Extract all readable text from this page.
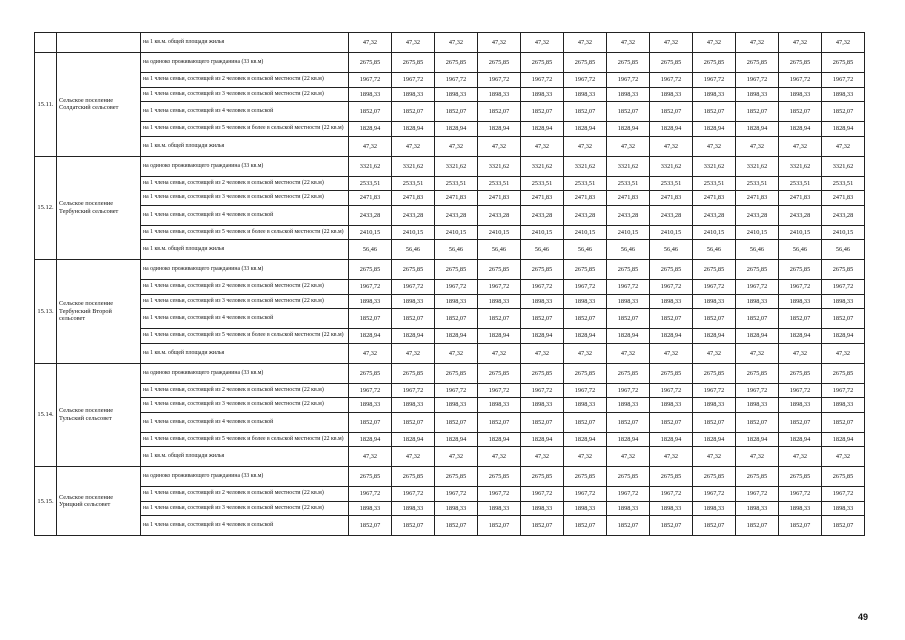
		на 1 кв.м. общей площади жилья	47,32	47,32	47,32	47,32	47,32	47,32	47,32	47,32	47,32	47,32	47,32	47,32
15.11.	Сельское поселение Солдатский сельсовет	на одиноко проживающего гражданина (33 кв.м)	2675,85	2675,85	2675,85	2675,85	2675,85	2675,85	2675,85	2675,85	2675,85	2675,85	2675,85	2675,85
		на 1 члена семьи, состоящей из 2 человек в сельской местности (22 кв.м)	1967,72	1967,72	1967,72	1967,72	1967,72	1967,72	1967,72	1967,72	1967,72	1967,72	1967,72	1967,72
		на 1 члена семьи, состоящей из 3 человек в сельской местности (22 кв.м)	1898,33	1898,33	1898,33	1898,33	1898,33	1898,33	1898,33	1898,33	1898,33	1898,33	1898,33	1898,33
		на 1 члена семьи, состоящей из 4 человек в сельской	1852,07	1852,07	1852,07	1852,07	1852,07	1852,07	1852,07	1852,07	1852,07	1852,07	1852,07	1852,07
		на 1 члена семьи, состоящей из 5 человек и более в сельской местности (22 кв.м)	1828,94	1828,94	1828,94	1828,94	1828,94	1828,94	1828,94	1828,94	1828,94	1828,94	1828,94	1828,94
		на 1 кв.м. общей площади жилья	47,32	47,32	47,32	47,32	47,32	47,32	47,32	47,32	47,32	47,32	47,32	47,32
15.12.	Сельское поселение Тербунский сельсовет	на одиноко проживающего гражданина (33 кв.м)	3321,62	3321,62	3321,62	3321,62	3321,62	3321,62	3321,62	3321,62	3321,62	3321,62	3321,62	3321,62
		на 1 члена семьи, состоящей из 2 человек в сельской местности (22 кв.м)	2533,51	2533,51	2533,51	2533,51	2533,51	2533,51	2533,51	2533,51	2533,51	2533,51	2533,51	2533,51
		на 1 члена семьи, состоящей из 3 человек в сельской местности (22 кв.м)	2471,83	2471,83	2471,83	2471,83	2471,83	2471,83	2471,83	2471,83	2471,83	2471,83	2471,83	2471,83
		на 1 члена семьи, состоящей из 4 человек в сельской	2433,28	2433,28	2433,28	2433,28	2433,28	2433,28	2433,28	2433,28	2433,28	2433,28	2433,28	2433,28
		на 1 члена семьи, состоящей из 5 человек и более в сельской местности (22 кв.м)	2410,15	2410,15	2410,15	2410,15	2410,15	2410,15	2410,15	2410,15	2410,15	2410,15	2410,15	2410,15
		на 1 кв.м. общей площади жилья	56,46	56,46	56,46	56,46	56,46	56,46	56,46	56,46	56,46	56,46	56,46	56,46
15.13.	Сельское поселение Тербунский Второй сельсовет	на одиноко проживающего гражданина (33 кв.м)	2675,85	2675,85	2675,85	2675,85	2675,85	2675,85	2675,85	2675,85	2675,85	2675,85	2675,85	2675,85
		на 1 члена семьи, состоящей из 2 человек в сельской местности (22 кв.м)	1967,72	1967,72	1967,72	1967,72	1967,72	1967,72	1967,72	1967,72	1967,72	1967,72	1967,72	1967,72
		на 1 члена семьи, состоящей из 3 человек в сельской местности (22 кв.м)	1898,33	1898,33	1898,33	1898,33	1898,33	1898,33	1898,33	1898,33	1898,33	1898,33	1898,33	1898,33
		на 1 члена семьи, состоящей из 4 человек в сельской	1852,07	1852,07	1852,07	1852,07	1852,07	1852,07	1852,07	1852,07	1852,07	1852,07	1852,07	1852,07
		на 1 члена семьи, состоящей из 5 человек и более в сельской местности (22 кв.м)	1828,94	1828,94	1828,94	1828,94	1828,94	1828,94	1828,94	1828,94	1828,94	1828,94	1828,94	1828,94
		на 1 кв.м. общей площади жилья	47,32	47,32	47,32	47,32	47,32	47,32	47,32	47,32	47,32	47,32	47,32	47,32
15.14.	Сельское поселение Тульский сельсовет	на одиноко проживающего гражданина (33 кв.м)	2675,85	2675,85	2675,85	2675,85	2675,85	2675,85	2675,85	2675,85	2675,85	2675,85	2675,85	2675,85
		на 1 члена семьи, состоящей из 2 человек в сельской местности (22 кв.м)	1967,72	1967,72	1967,72	1967,72	1967,72	1967,72	1967,72	1967,72	1967,72	1967,72	1967,72	1967,72
		на 1 члена семьи, состоящей из 3 человек в сельской местности (22 кв.м)	1898,33	1898,33	1898,33	1898,33	1898,33	1898,33	1898,33	1898,33	1898,33	1898,33	1898,33	1898,33
		на 1 члена семьи, состоящей из 4 человек в сельской	1852,07	1852,07	1852,07	1852,07	1852,07	1852,07	1852,07	1852,07	1852,07	1852,07	1852,07	1852,07
		на 1 члена семьи, состоящей из 5 человек и более в сельской местности (22 кв.м)	1828,94	1828,94	1828,94	1828,94	1828,94	1828,94	1828,94	1828,94	1828,94	1828,94	1828,94	1828,94
		на 1 кв.м. общей площади жилья	47,32	47,32	47,32	47,32	47,32	47,32	47,32	47,32	47,32	47,32	47,32	47,32
15.15.	Сельское поселение Урицкий сельсовет	на одиноко проживающего гражданина (33 кв.м)	2675,85	2675,85	2675,85	2675,85	2675,85	2675,85	2675,85	2675,85	2675,85	2675,85	2675,85	2675,85
		на 1 члена семьи, состоящей из 2 человек в сельской местности (22 кв.м)	1967,72	1967,72	1967,72	1967,72	1967,72	1967,72	1967,72	1967,72	1967,72	1967,72	1967,72	1967,72
		на 1 члена семьи, состоящей из 3 человек в сельской местности (22 кв.м)	1898,33	1898,33	1898,33	1898,33	1898,33	1898,33	1898,33	1898,33	1898,33	1898,33	1898,33	1898,33
		на 1 члена семьи, состоящей из 4 человек в сельской	1852,07	1852,07	1852,07	1852,07	1852,07	1852,07	1852,07	1852,07	1852,07	1852,07	1852,07	1852,07
49
